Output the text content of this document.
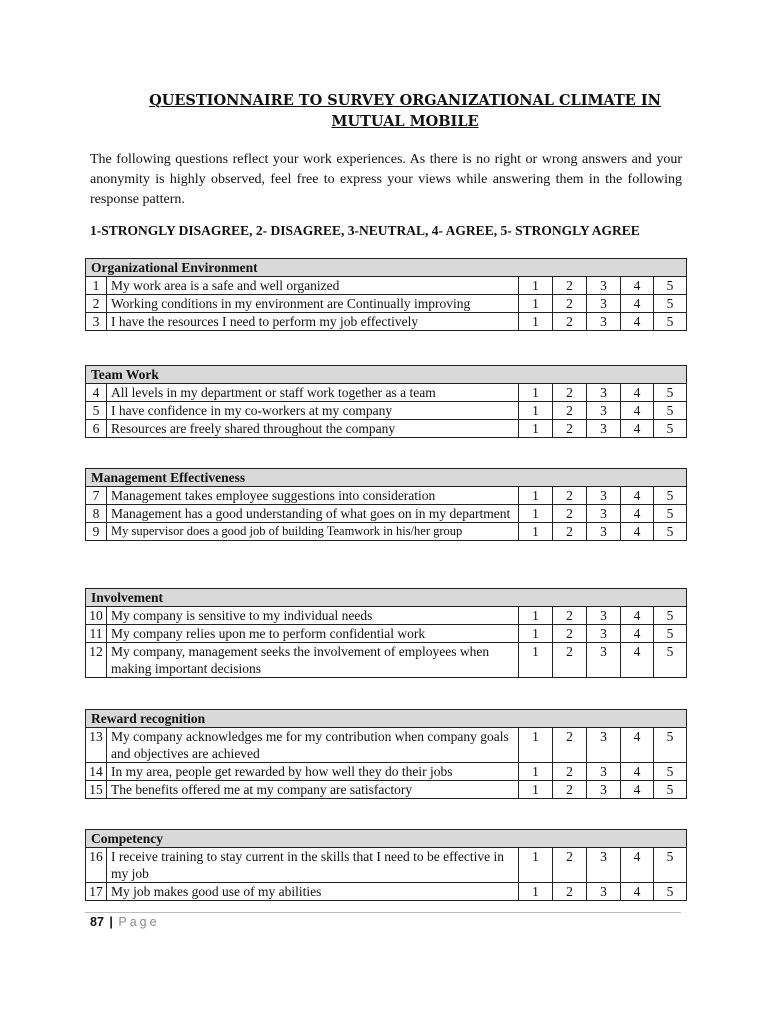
QUESTIONNAIRE TO SURVEY ORGANIZATIONAL CLIMATE IN
MUTUAL MOBILE
The following questions reflect your work experiences. As there is no right or wrong answers and your anonymity is highly observed, feel free to express your views while answering them in the following response pattern.
1-STRONGLY DISAGREE, 2- DISAGREE, 3-NEUTRAL, 4- AGREE, 5- STRONGLY AGREE
Organizational Environment						
1	My work area is a safe and well organized	1	2	3	4	5
2	Working conditions in my environment are Continually improving	1	2	3	4	5
3	I have the resources I need to perform my job effectively	1	2	3	4	5
Team Work						
4	All levels in my department or staff work together as a team	1	2	3	4	5
5	I have confidence in my co-workers at my company	1	2	3	4	5
6	Resources are freely shared throughout the company	1	2	3	4	5
Management Effectiveness						
7	Management takes employee suggestions into consideration	1	2	3	4	5
8	Management has a good understanding of what goes on in my department	1	2	3	4	5
9	My supervisor does a good job of building Teamwork in his/her group	1	2	3	4	5
Involvement						
10	My company is sensitive to my individual needs	1	2	3	4	5
11	My company relies upon me to perform confidential work	1	2	3	4	5
12	My company, management seeks the involvement of employees when making important decisions	1	2	3	4	5
Reward recognition						
13	My company acknowledges me for my contribution when company goals and objectives are achieved	1	2	3	4	5
14	In my area, people get rewarded by how well they do their jobs	1	2	3	4	5
15	The benefits offered me at my company are satisfactory	1	2	3	4	5
Competency						
16	I receive training to stay current in the skills that I need to be effective in my job	1	2	3	4	5
17	My job makes good use of my abilities	1	2	3	4	5
87 | Page
